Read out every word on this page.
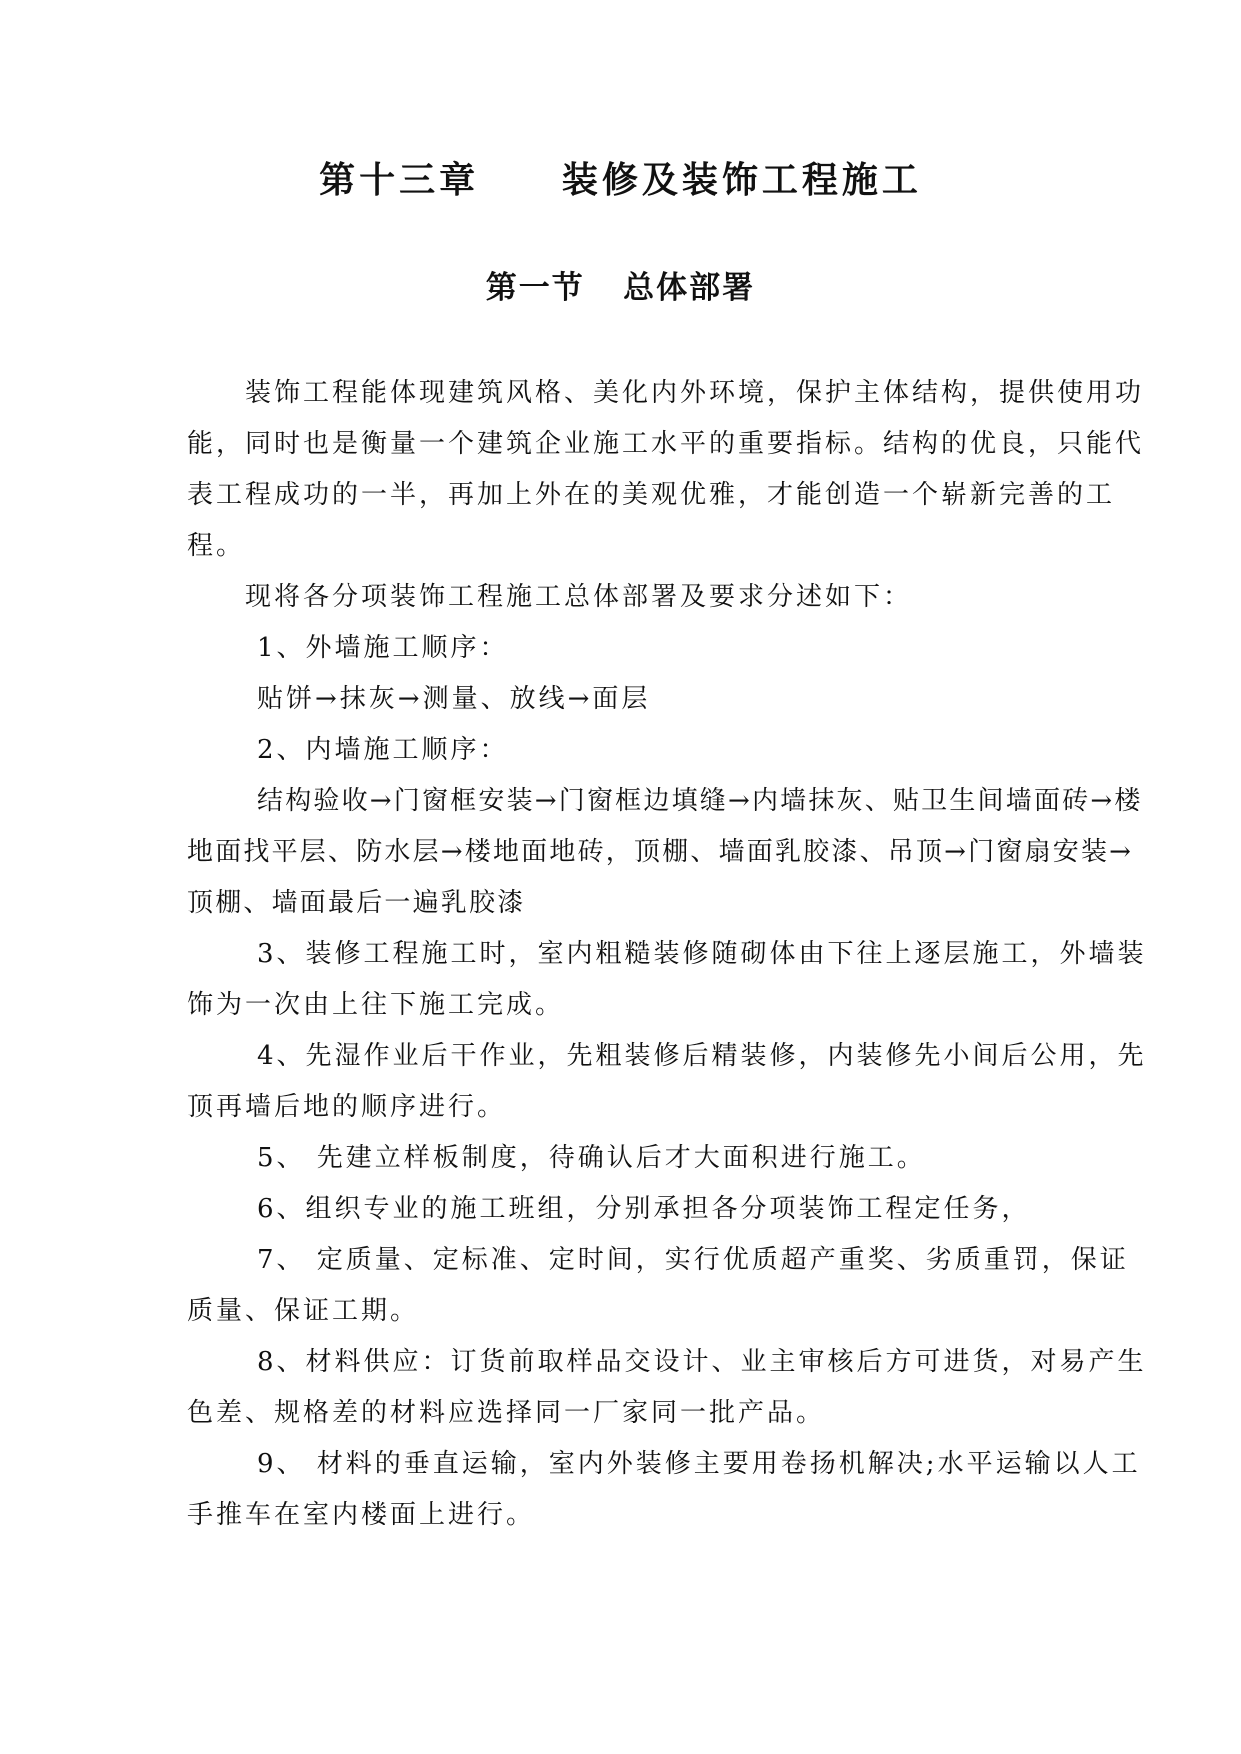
第十三章     装修及装饰工程施工
第一节   总体部署

装饰工程能体现建筑风格、美化内外环境，保护主体结构，提供使用功能，同时也是衡量一个建筑企业施工水平的重要指标。结构的优良，只能代表工程成功的一半，再加上外在的美观优雅，才能创造一个崭新完善的工程。

现将各分项装饰工程施工总体部署及要求分述如下：

1、外墙施工顺序：

贴饼→抹灰→测量、放线→面层

2、内墙施工顺序：

结构验收→门窗框安装→门窗框边填缝→内墙抹灰、贴卫生间墙面砖→楼地面找平层、防水层→楼地面地砖，顶棚、墙面乳胶漆、吊顶→门窗扇安装→顶棚、墙面最后一遍乳胶漆

3、装修工程施工时，室内粗糙装修随砌体由下往上逐层施工，外墙装饰为一次由上往下施工完成。

4、先湿作业后干作业，先粗装修后精装修，内装修先小间后公用，先顶再墙后地的顺序进行。

5、 先建立样板制度，待确认后才大面积进行施工。

6、组织专业的施工班组，分别承担各分项装饰工程定任务，

7、 定质量、定标准、定时间，实行优质超产重奖、劣质重罚，保证质量、保证工期。

8、材料供应：订货前取样品交设计、业主审核后方可进货，对易产生色差、规格差的材料应选择同一厂家同一批产品。

9、 材料的垂直运输，室内外装修主要用卷扬机解决;水平运输以人工手推车在室内楼面上进行。
